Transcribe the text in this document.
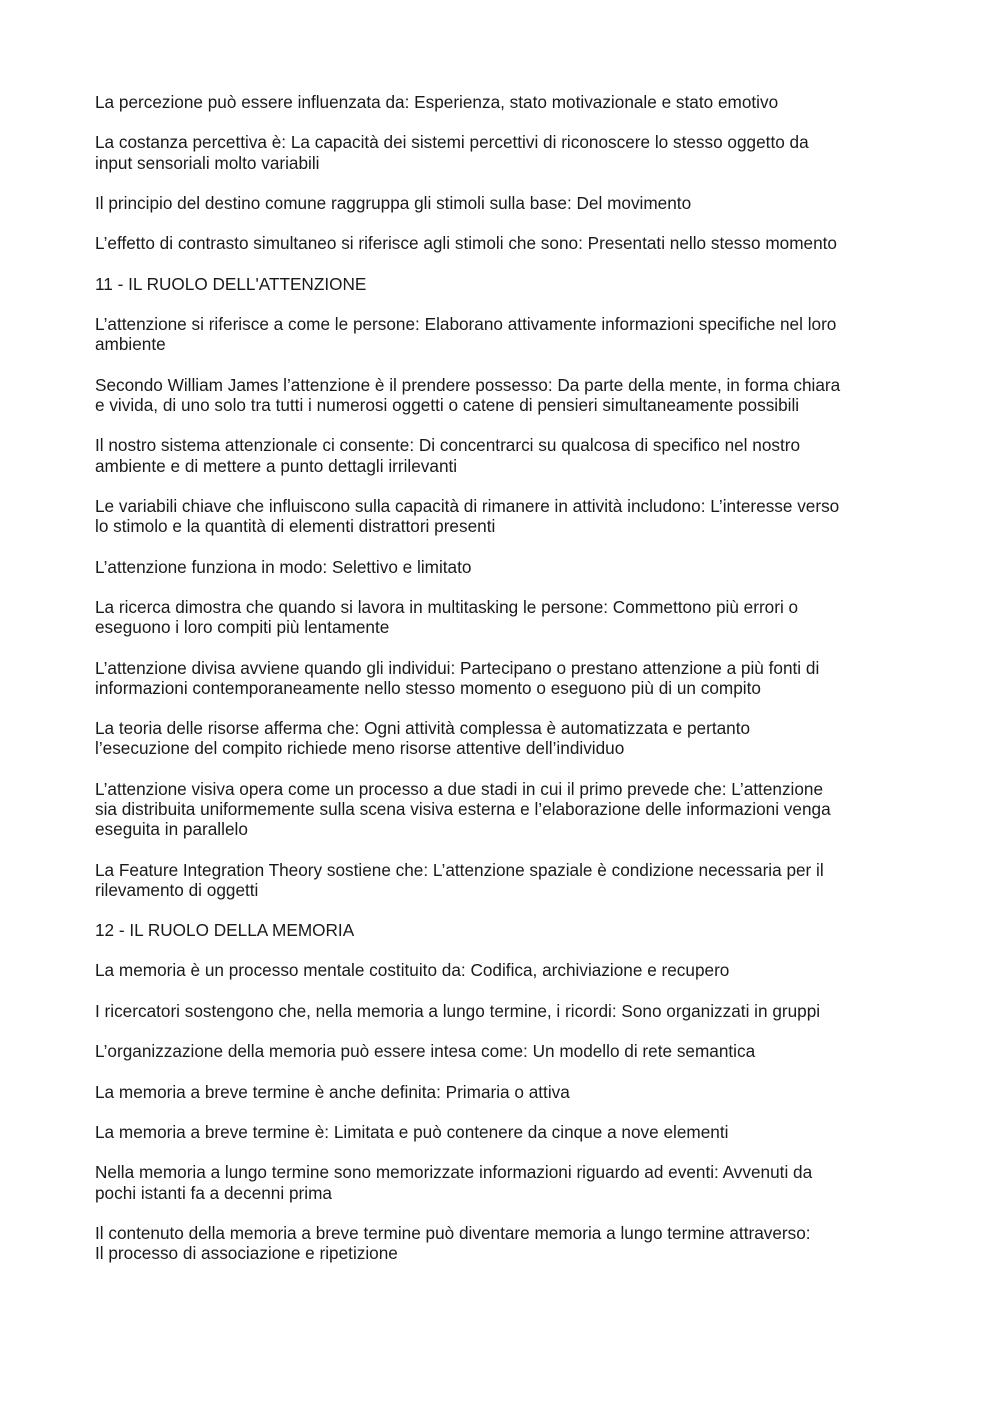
La percezione può essere influenzata da: Esperienza, stato motivazionale e stato emotivo

La costanza percettiva è: La capacità dei sistemi percettivi di riconoscere lo stesso oggetto da
input sensoriali molto variabili

Il principio del destino comune raggruppa gli stimoli sulla base: Del movimento

L’effetto di contrasto simultaneo si riferisce agli stimoli che sono: Presentati nello stesso momento

11 - IL RUOLO DELL'ATTENZIONE

L’attenzione si riferisce a come le persone: Elaborano attivamente informazioni specifiche nel loro
ambiente

Secondo William James l’attenzione è il prendere possesso: Da parte della mente, in forma chiara
e vivida, di uno solo tra tutti i numerosi oggetti o catene di pensieri simultaneamente possibili

Il nostro sistema attenzionale ci consente: Di concentrarci su qualcosa di specifico nel nostro
ambiente e di mettere a punto dettagli irrilevanti

Le variabili chiave che influiscono sulla capacità di rimanere in attività includono: L’interesse verso
lo stimolo e la quantità di elementi distrattori presenti

L’attenzione funziona in modo: Selettivo e limitato

La ricerca dimostra che quando si lavora in multitasking le persone: Commettono più errori o
eseguono i loro compiti più lentamente

L’attenzione divisa avviene quando gli individui: Partecipano o prestano attenzione a più fonti di
informazioni contemporaneamente nello stesso momento o eseguono più di un compito

La teoria delle risorse afferma che: Ogni attività complessa è automatizzata e pertanto
l’esecuzione del compito richiede meno risorse attentive dell’individuo

L’attenzione visiva opera come un processo a due stadi in cui il primo prevede che: L’attenzione
sia distribuita uniformemente sulla scena visiva esterna e l’elaborazione delle informazioni venga
eseguita in parallelo

La Feature Integration Theory sostiene che: L’attenzione spaziale è condizione necessaria per il
rilevamento di oggetti

12 - IL RUOLO DELLA MEMORIA

La memoria è un processo mentale costituito da: Codifica, archiviazione e recupero

I ricercatori sostengono che, nella memoria a lungo termine, i ricordi: Sono organizzati in gruppi

L’organizzazione della memoria può essere intesa come: Un modello di rete semantica

La memoria a breve termine è anche definita: Primaria o attiva

La memoria a breve termine è: Limitata e può contenere da cinque a nove elementi

Nella memoria a lungo termine sono memorizzate informazioni riguardo ad eventi: Avvenuti da
pochi istanti fa a decenni prima

Il contenuto della memoria a breve termine può diventare memoria a lungo termine attraverso:
Il processo di associazione e ripetizione
